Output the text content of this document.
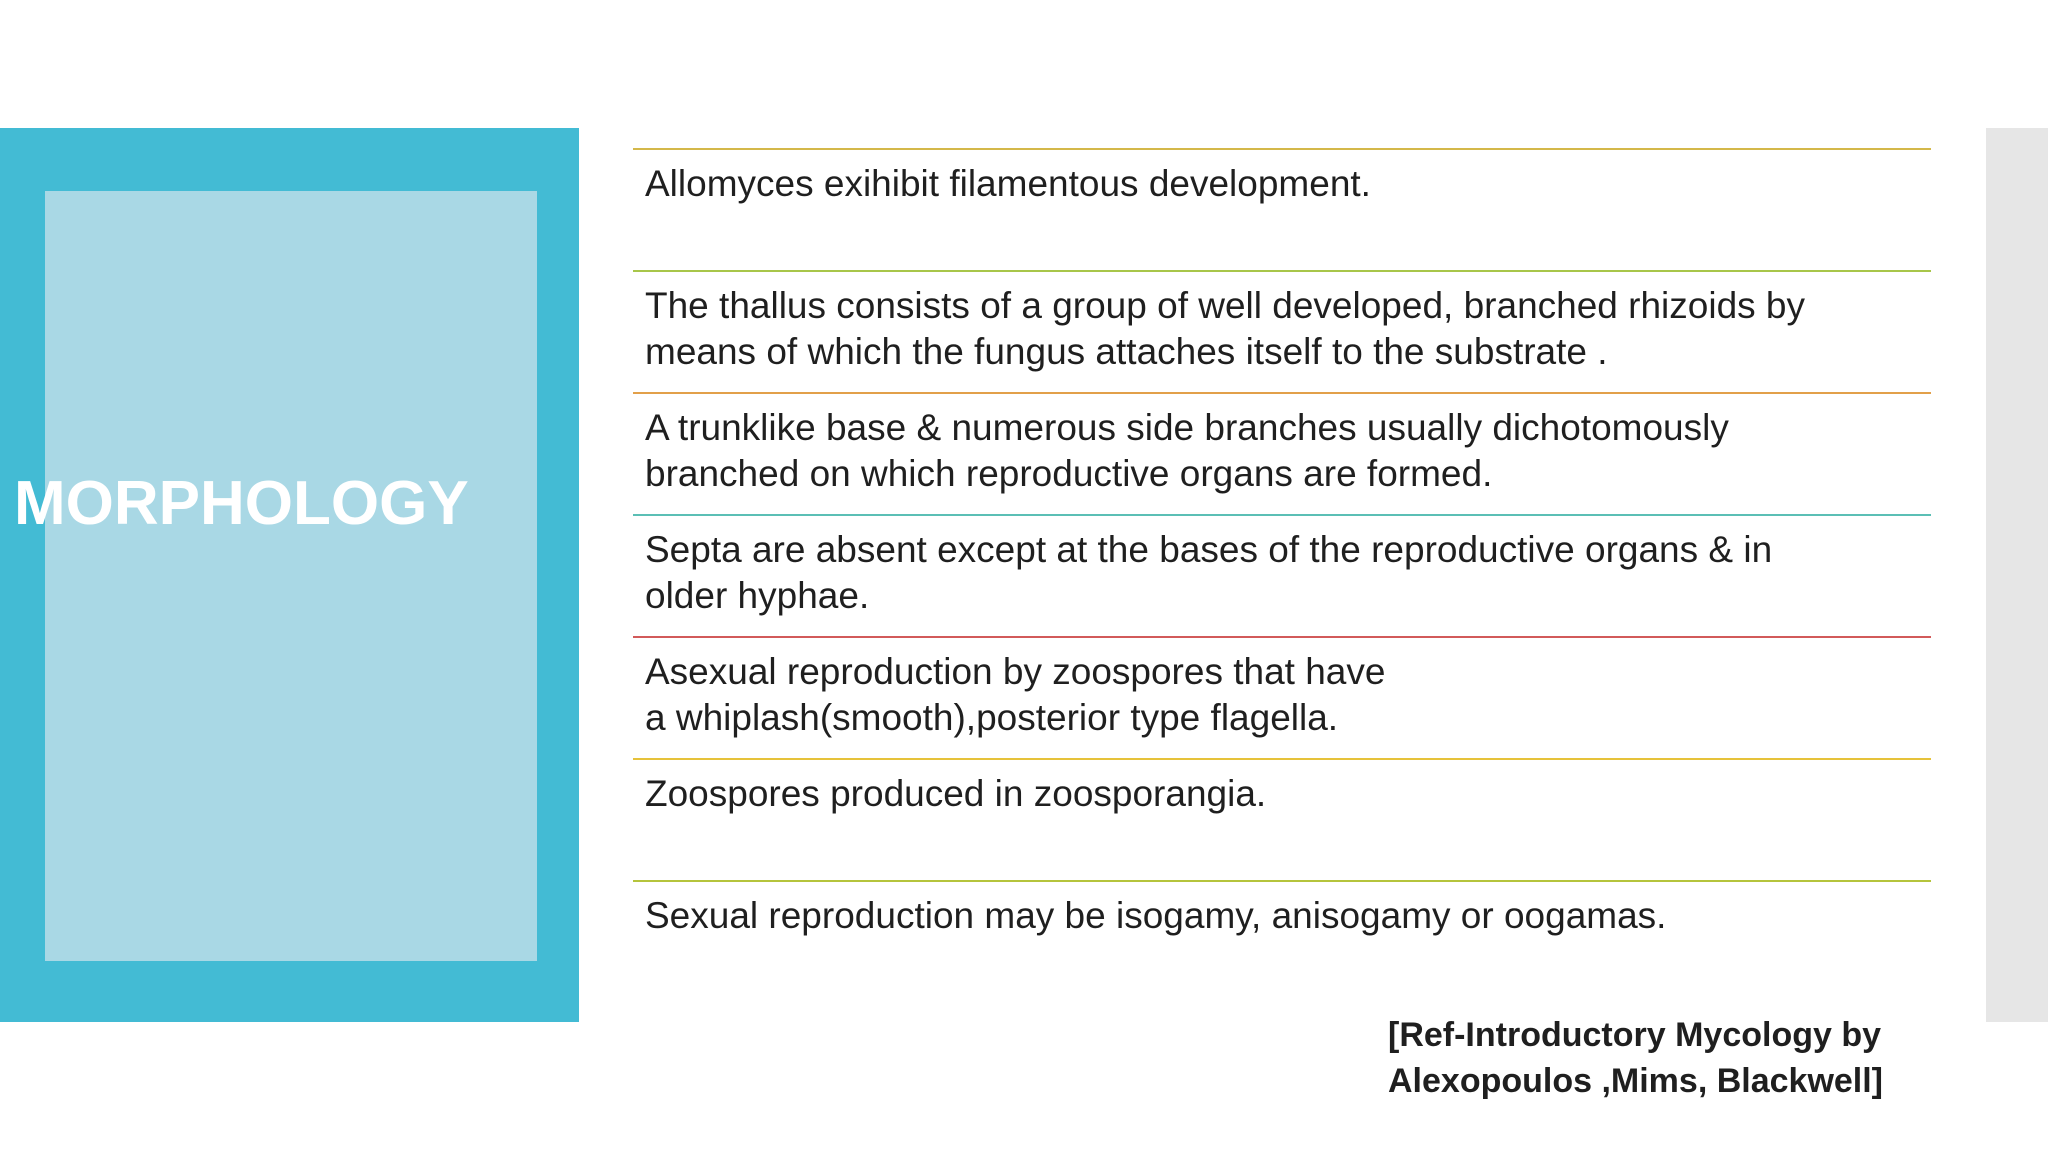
MORPHOLOGY
Allomyces exihibit filamentous development.
The thallus consists of a group of well developed, branched rhizoids by
means of which the fungus attaches itself to the substrate .
A trunklike base & numerous side branches usually dichotomously
branched on which reproductive organs are formed.
Septa are absent except at the bases of the reproductive organs & in
older hyphae.
Asexual reproduction by zoospores that have
a whiplash(smooth),posterior type flagella.
Zoospores produced in zoosporangia.
Sexual reproduction may be isogamy, anisogamy or oogamas.
[Ref-Introductory Mycology by
Alexopoulos ,Mims, Blackwell]
